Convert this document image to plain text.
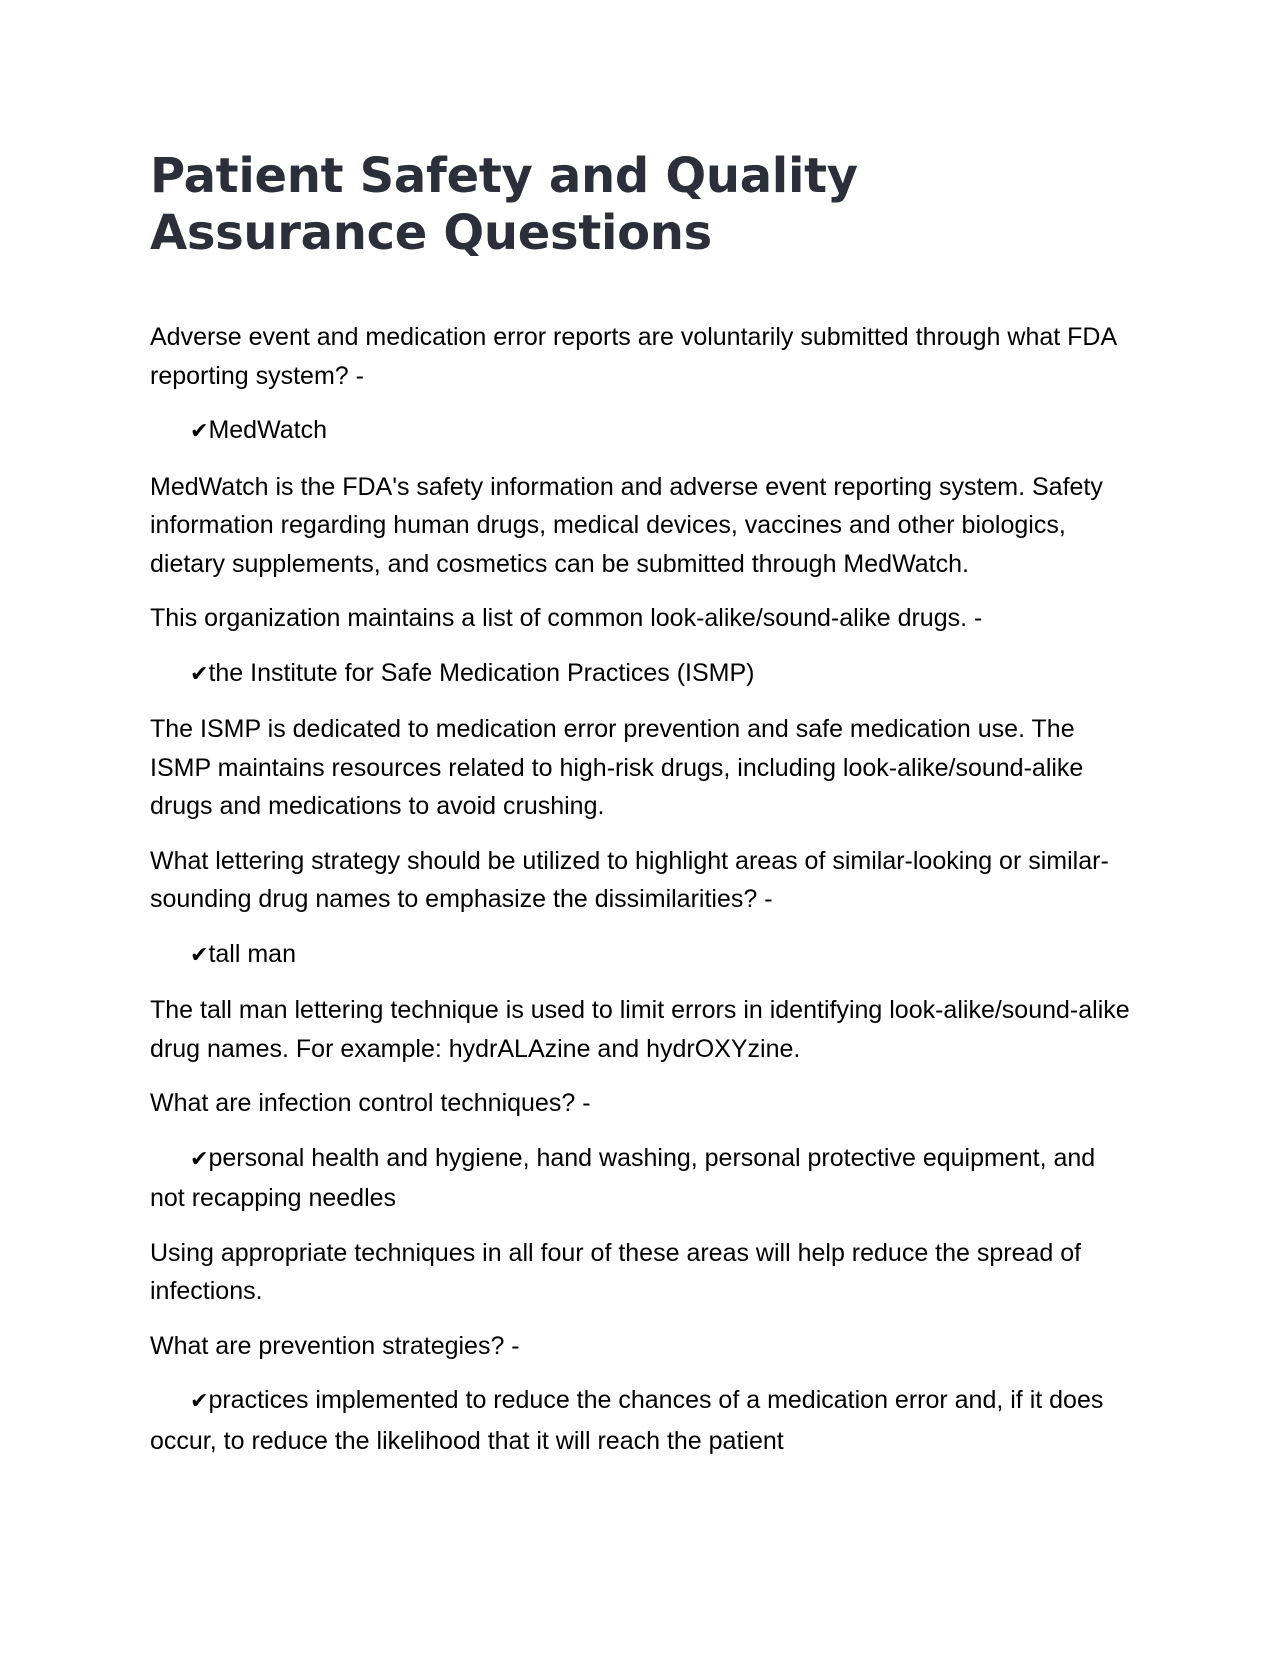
Patient Safety and Quality Assurance Questions

Adverse event and medication error reports are voluntarily submitted through what FDA reporting system? -

✔MedWatch

MedWatch is the FDA's safety information and adverse event reporting system. Safety information regarding human drugs, medical devices, vaccines and other biologics, dietary supplements, and cosmetics can be submitted through MedWatch.

This organization maintains a list of common look-alike/sound-alike drugs. -

✔the Institute for Safe Medication Practices (ISMP)

The ISMP is dedicated to medication error prevention and safe medication use. The ISMP maintains resources related to high-risk drugs, including look-alike/sound-alike drugs and medications to avoid crushing.

What lettering strategy should be utilized to highlight areas of similar-looking or similar-sounding drug names to emphasize the dissimilarities? -

✔tall man

The tall man lettering technique is used to limit errors in identifying look-alike/sound-alike drug names. For example: hydrALAzine and hydrOXYzine.

What are infection control techniques? -

✔personal health and hygiene, hand washing, personal protective equipment, and not recapping needles

Using appropriate techniques in all four of these areas will help reduce the spread of infections.

What are prevention strategies? -

✔practices implemented to reduce the chances of a medication error and, if it does occur, to reduce the likelihood that it will reach the patient
